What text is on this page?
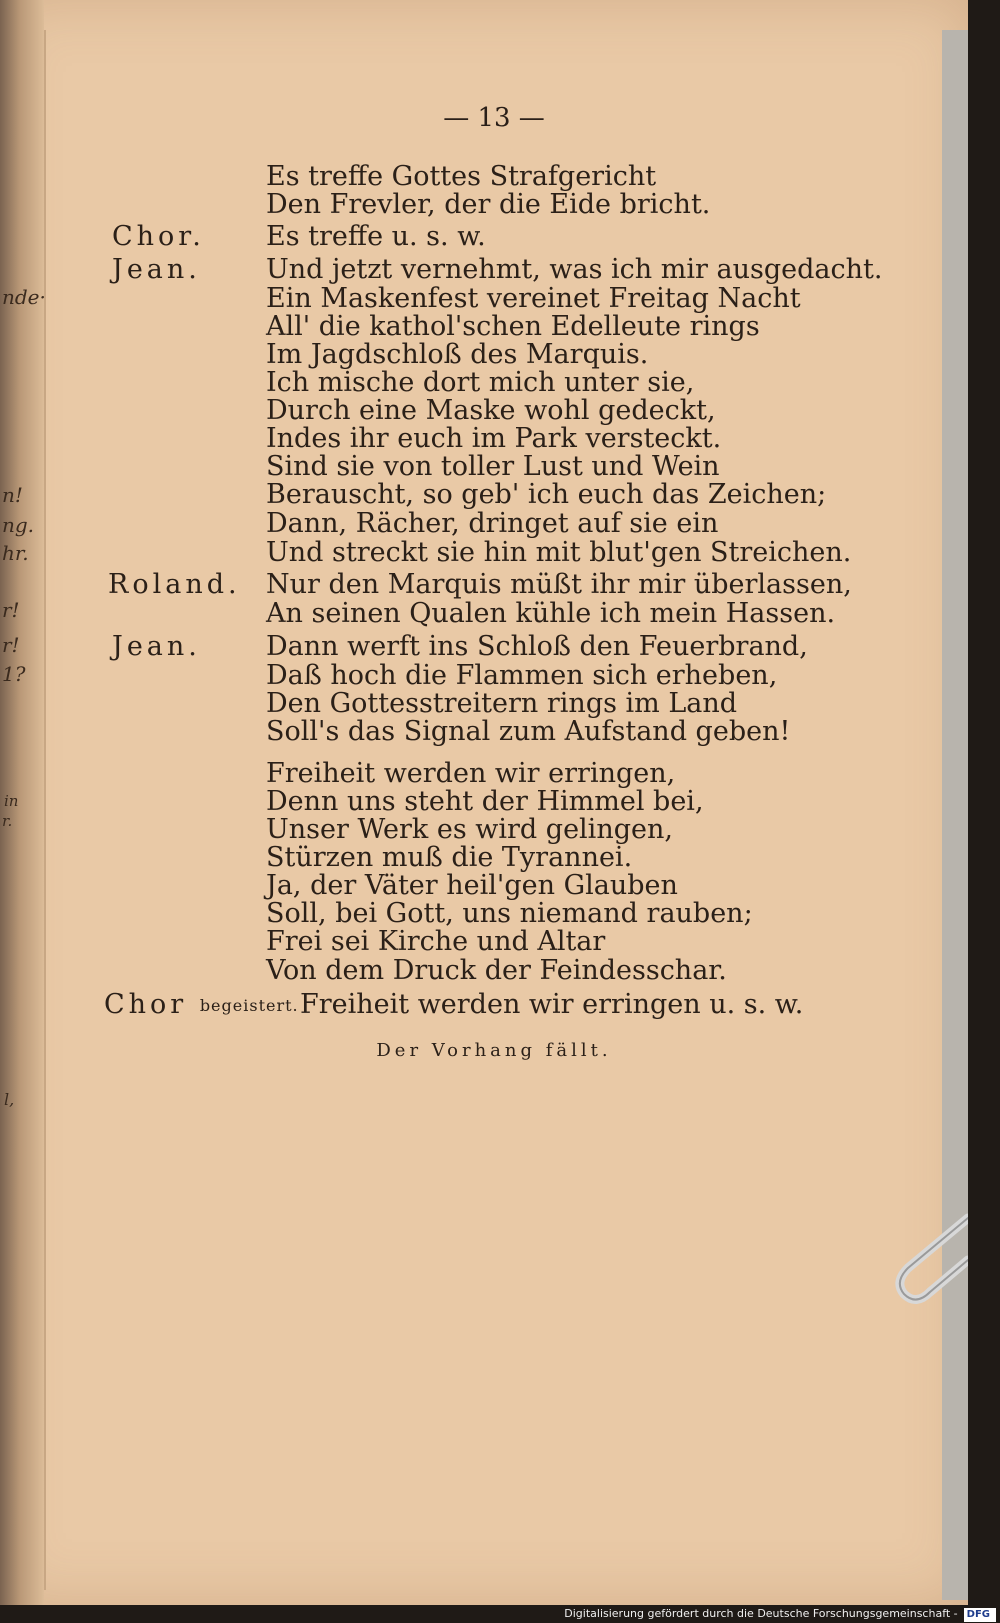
nde·
n!
ng.
hr.
r!
r!
1?
in
r.
l,
— 13 —
Es treffe Gottes Strafgericht
Den Frevler, der die Eide bricht.
Chor. Es treffe u. s. w.
Jean. Und jetzt vernehmt, was ich mir ausgedacht.
Ein Maskenfest vereinet Freitag Nacht
All' die kathol'schen Edelleute rings
Im Jagdschloß des Marquis.
Ich mische dort mich unter sie,
Durch eine Maske wohl gedeckt,
Indes ihr euch im Park versteckt.
Sind sie von toller Lust und Wein
Berauscht, so geb' ich euch das Zeichen;
Dann, Rächer, dringet auf sie ein
Und streckt sie hin mit blut'gen Streichen.
Roland. Nur den Marquis müßt ihr mir überlassen,
An seinen Qualen kühle ich mein Hassen.
Jean. Dann werft ins Schloß den Feuerbrand,
Daß hoch die Flammen sich erheben,
Den Gottesstreitern rings im Land
Soll's das Signal zum Aufstand geben!
Freiheit werden wir erringen,
Denn uns steht der Himmel bei,
Unser Werk es wird gelingen,
Stürzen muß die Tyrannei.
Ja, der Väter heil'gen Glauben
Soll, bei Gott, uns niemand rauben;
Frei sei Kirche und Altar
Von dem Druck der Feindesschar.
Chor begeistert. Freiheit werden wir erringen u. s. w.
Der Vorhang fällt.
Digitalisierung gefördert durch die Deutsche Forschungsgemeinschaft - DFG
